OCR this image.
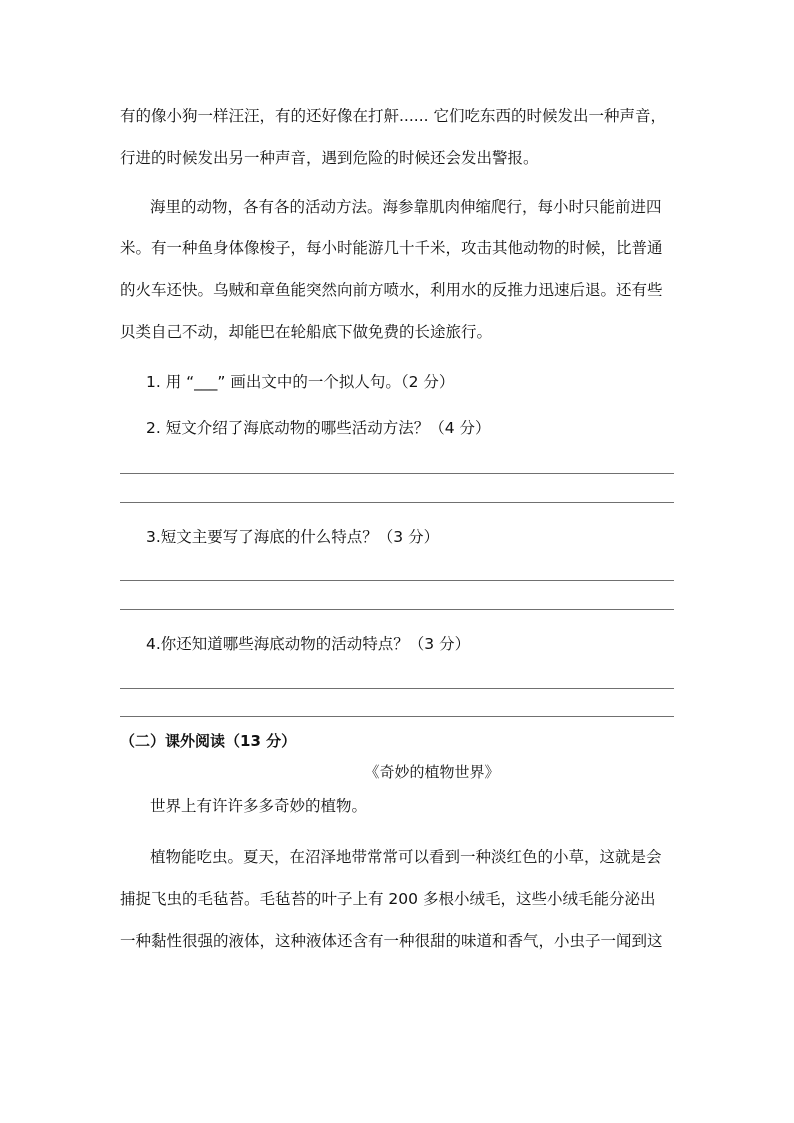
有的像小狗一样汪汪，有的还好像在打鼾...... 它们吃东西的时候发出一种声音，
行进的时候发出另一种声音，遇到危险的时候还会发出警报。
海里的动物，各有各的活动方法。海参靠肌肉伸缩爬行，每小时只能前进四
米。有一种鱼身体像梭子，每小时能游几十千米，攻击其他动物的时候，比普通
的火车还快。乌贼和章鱼能突然向前方喷水，利用水的反推力迅速后退。还有些
贝类自己不动，却能巴在轮船底下做免费的长途旅行。
1. 用 “___” 画出文中的一个拟人句。（2 分）
2. 短文介绍了海底动物的哪些活动方法？（4 分）
3.短文主要写了海底的什么特点？（3 分）
4.你还知道哪些海底动物的活动特点？（3 分）
（二）课外阅读（13 分）
《奇妙的植物世界》
世界上有许许多多奇妙的植物。
植物能吃虫。夏天，在沼泽地带常常可以看到一种淡红色的小草，这就是会
捕捉飞虫的毛毡苔。毛毡苔的叶子上有 200 多根小绒毛，这些小绒毛能分泌出
一种黏性很强的液体，这种液体还含有一种很甜的味道和香气，小虫子一闻到这
